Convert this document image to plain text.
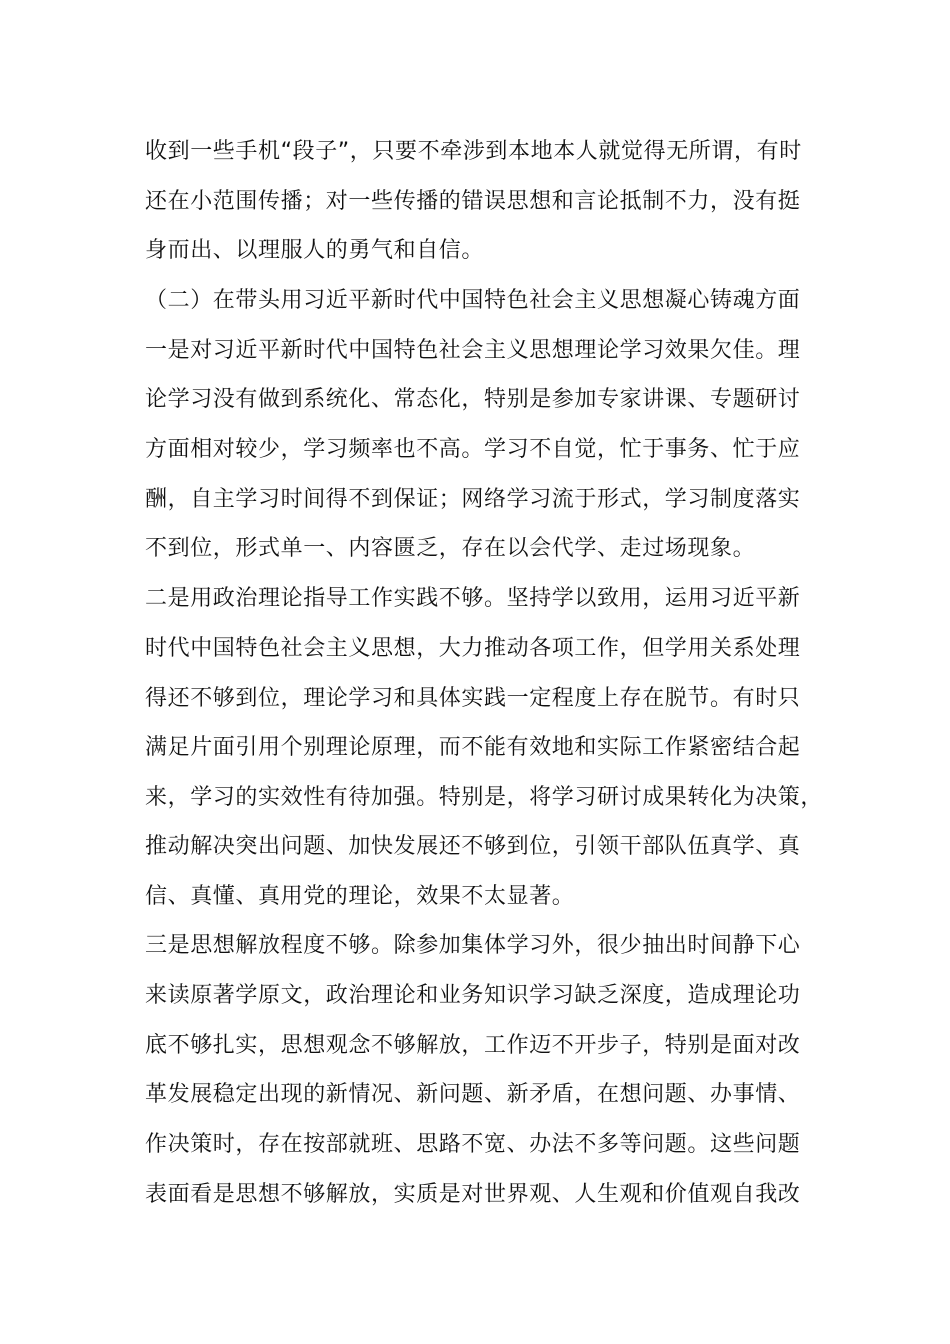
收到一些手机“段子”，只要不牵涉到本地本人就觉得无所谓，有时
还在小范围传播；对一些传播的错误思想和言论抵制不力，没有挺
身而出、以理服人的勇气和自信。
（二）在带头用习近平新时代中国特色社会主义思想凝心铸魂方面
一是对习近平新时代中国特色社会主义思想理论学习效果欠佳。理
论学习没有做到系统化、常态化，特别是参加专家讲课、专题研讨
方面相对较少，学习频率也不高。学习不自觉，忙于事务、忙于应
酬，自主学习时间得不到保证；网络学习流于形式，学习制度落实
不到位，形式单一、内容匮乏，存在以会代学、走过场现象。
二是用政治理论指导工作实践不够。坚持学以致用，运用习近平新
时代中国特色社会主义思想，大力推动各项工作，但学用关系处理
得还不够到位，理论学习和具体实践一定程度上存在脱节。有时只
满足片面引用个别理论原理，而不能有效地和实际工作紧密结合起
来，学习的实效性有待加强。特别是，将学习研讨成果转化为决策，
推动解决突出问题、加快发展还不够到位，引领干部队伍真学、真
信、真懂、真用党的理论，效果不太显著。
三是思想解放程度不够。除参加集体学习外，很少抽出时间静下心
来读原著学原文，政治理论和业务知识学习缺乏深度，造成理论功
底不够扎实，思想观念不够解放，工作迈不开步子，特别是面对改
革发展稳定出现的新情况、新问题、新矛盾，在想问题、办事情、
作决策时，存在按部就班、思路不宽、办法不多等问题。这些问题
表面看是思想不够解放，实质是对世界观、人生观和价值观自我改
